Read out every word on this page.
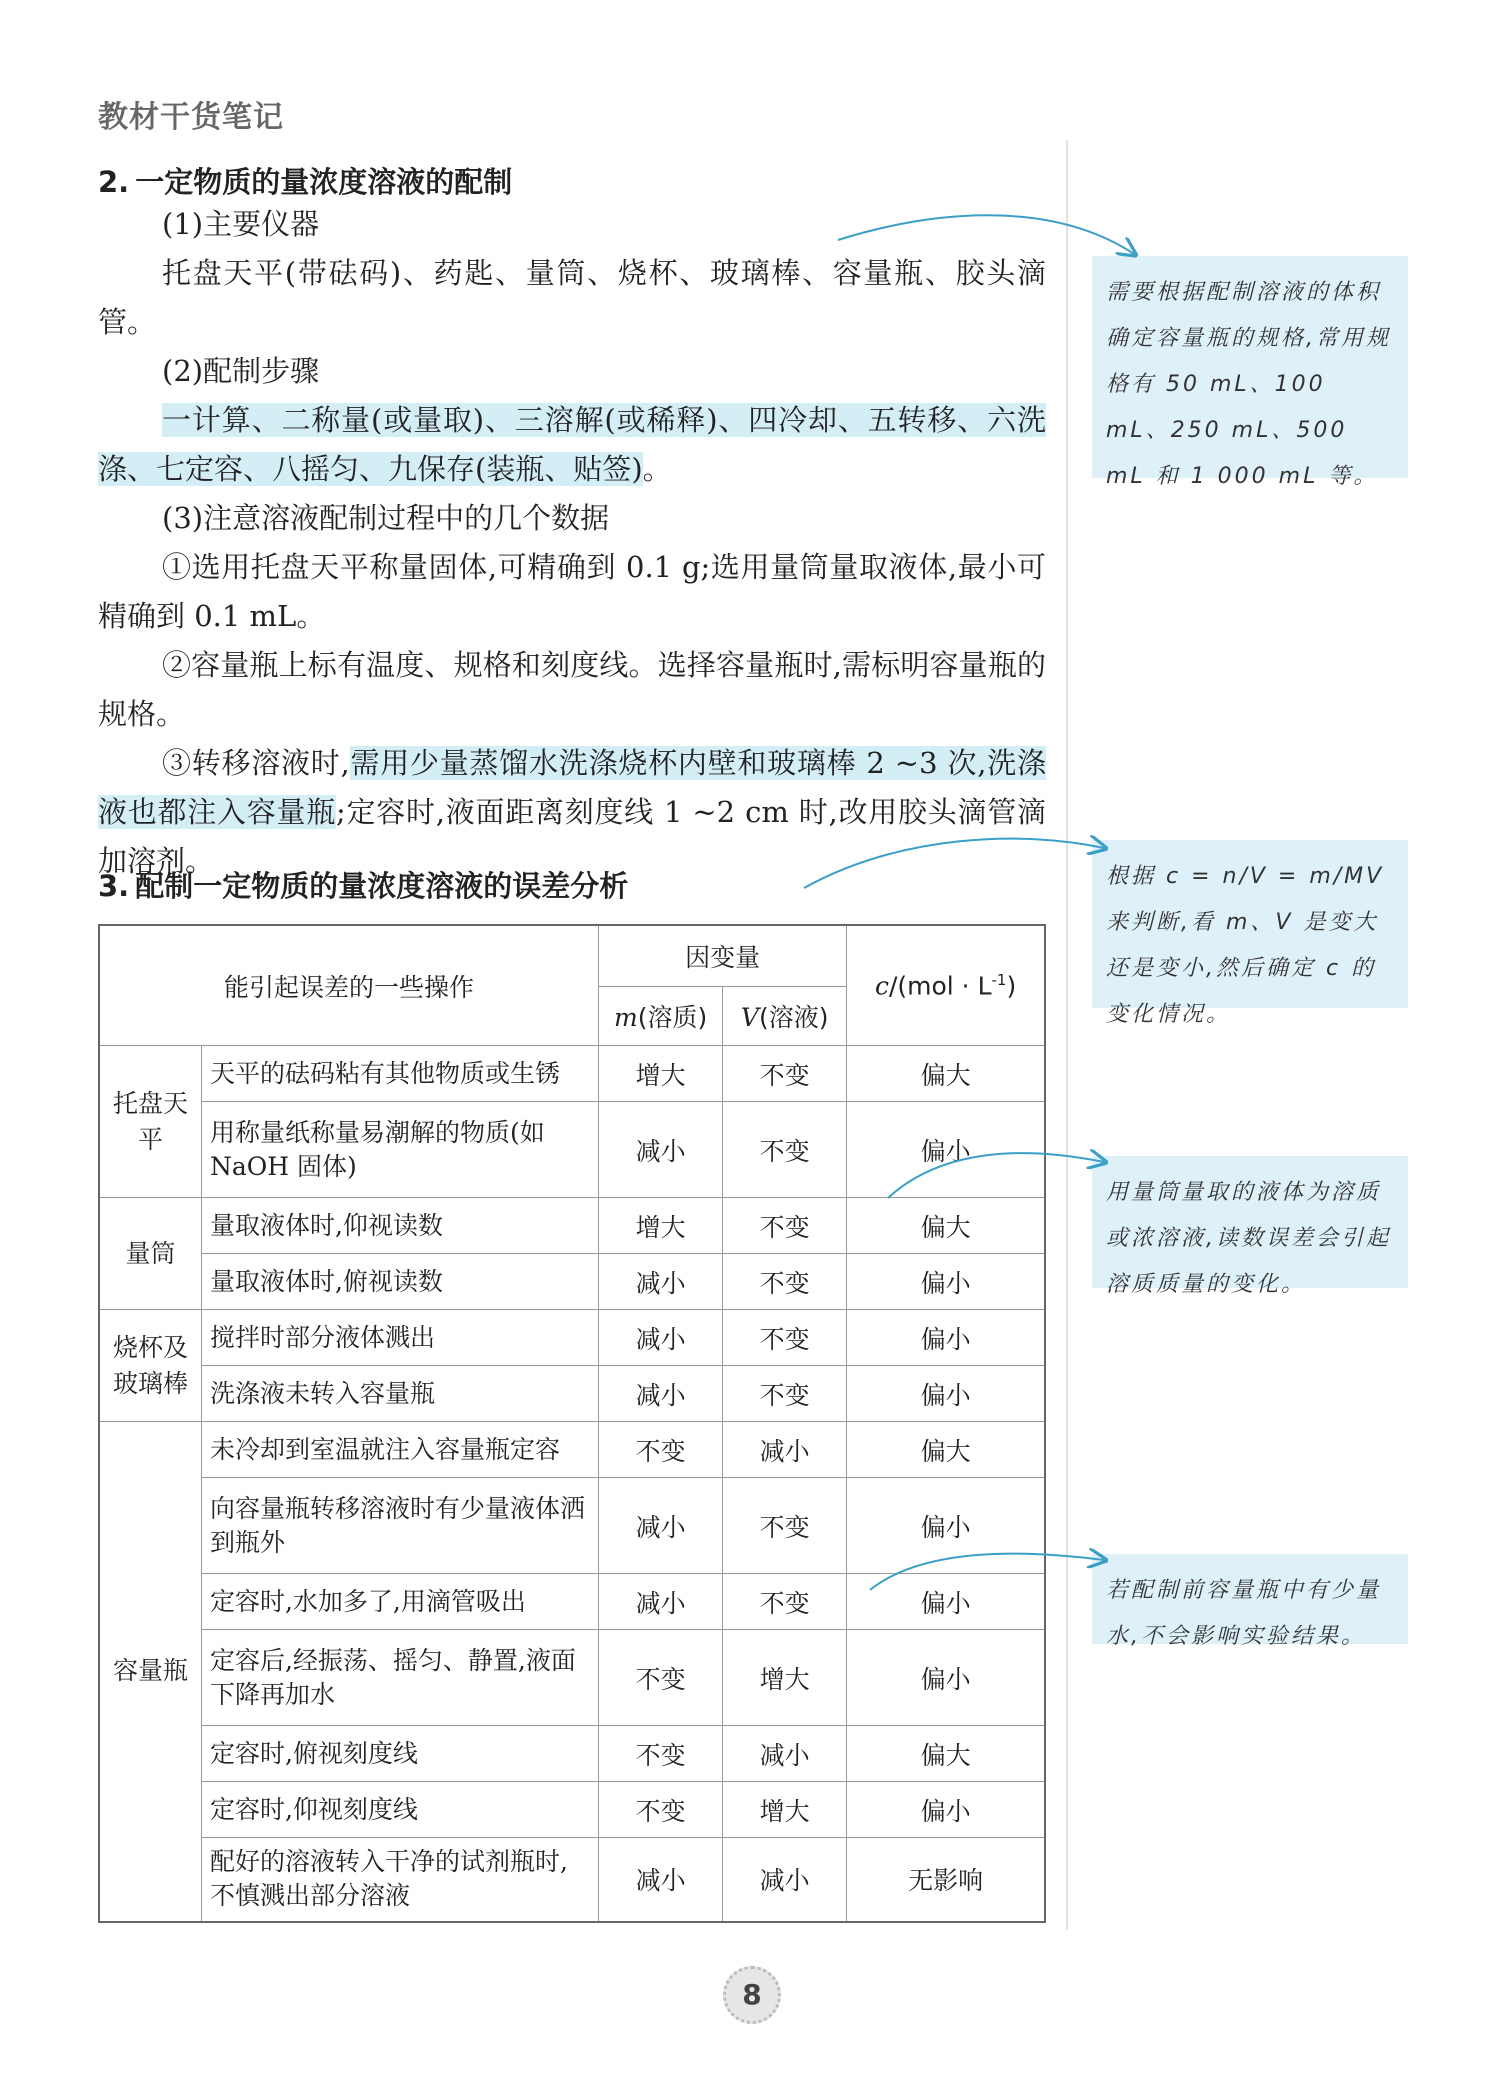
教材干货笔记
2. 一定物质的量浓度溶液的配制
(1)主要仪器
托盘天平(带砝码)、药匙、量筒、烧杯、玻璃棒、容量瓶、胶头滴管。
(2)配制步骤
一计算、二称量(或量取)、三溶解(或稀释)、四冷却、五转移、六洗涤、七定容、八摇匀、九保存(装瓶、贴签)。
(3)注意溶液配制过程中的几个数据
①选用托盘天平称量固体,可精确到 0.1 g;选用量筒量取液体,最小可精确到 0.1 mL。
②容量瓶上标有温度、规格和刻度线。选择容量瓶时,需标明容量瓶的规格。
③转移溶液时,需用少量蒸馏水洗涤烧杯内壁和玻璃棒 2 ~3 次,洗涤液也都注入容量瓶;定容时,液面距离刻度线 1 ~2 cm 时,改用胶头滴管滴加溶剂。
3. 配制一定物质的量浓度溶液的误差分析
能引起误差的一些操作		因变量		$c/(mol \cdot L^{-1})$
		m(溶质)	V(溶液)	
托盘天平	天平的砝码粘有其他物质或生锈	增大	不变	偏大
	用称量纸称量易潮解的物质(如NaOH 固体)	减小	不变	偏小
量筒	量取液体时,仰视读数	增大	不变	偏大
	量取液体时,俯视读数	减小	不变	偏小
烧杯及玻璃棒	搅拌时部分液体溅出	减小	不变	偏小
	洗涤液未转入容量瓶	减小	不变	偏小
容量瓶	未冷却到室温就注入容量瓶定容	不变	减小	偏大
	向容量瓶转移溶液时有少量液体洒到瓶外	减小	不变	偏小
	定容时,水加多了,用滴管吸出	减小	不变	偏小
	定容后,经振荡、摇匀、静置,液面下降再加水	不变	增大	偏小
	定容时,俯视刻度线	不变	减小	偏大
	定容时,仰视刻度线	不变	增大	偏小
	配好的溶液转入干净的试剂瓶时,不慎溅出部分溶液	减小	减小	无影响
需要根据配制溶液的体积确定容量瓶的规格,常用规格有 50 mL、100 mL、250 mL、500 mL 和 1 000 mL 等。
根据 c = n/V = m/MV 来判断,看 m、V 是变大还是变小,然后确定 c 的变化情况。
用量筒量取的液体为溶质或浓溶液,读数误差会引起溶质质量的变化。
若配制前容量瓶中有少量水,不会影响实验结果。
8
